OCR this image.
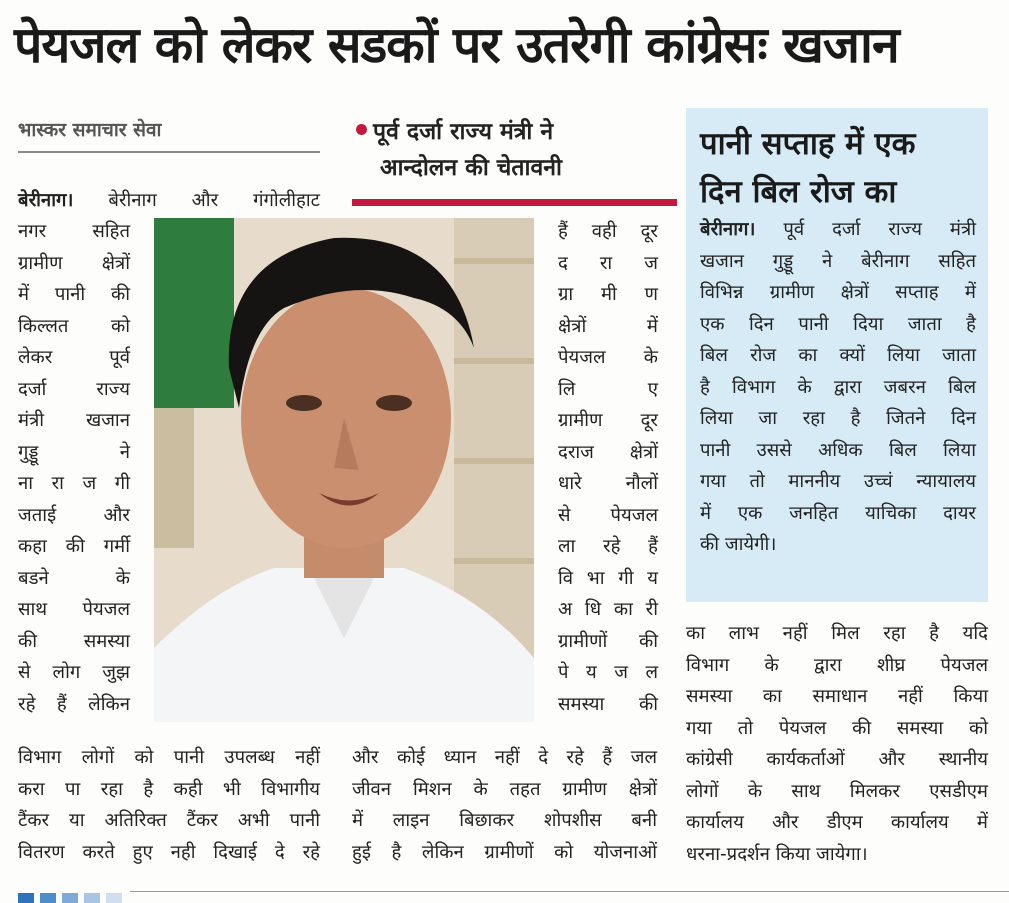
पेयजल को लेकर सडकों पर उतरेगी कांग्रेसः खजान
भास्कर समाचार सेवा	पूर्व दर्जा राज्य मंत्री ने
आन्दोलन की चेतावनी
बेरीनाग। बेरीनाग और गंगोलीहाट
नगर सहित
ग्रामीण क्षेत्रों
में पानी की
किल्लत को
लेकर पूर्व
दर्जा राज्य
मंत्री खजान
गुड्डू ने
ना रा ज गी
जताई और
कहा की गर्मी
बडने के
साथ पेयजल
की समस्या
से लोग जुझ
रहे हैं लेकिन
हैं वही दूर
द रा ज
ग्रा मी ण
क्षेत्रों में
पेयजल के
लि ए
ग्रामीण दूर
दराज क्षेत्रों
धारे नौलों
से पेयजल
ला रहे हैं
वि भा गी य
अ धि का री
ग्रामीणों की
पे य ज ल
समस्या की
विभाग लोगों को पानी उपलब्ध नहीं
करा पा रहा है कही भी विभागीय
टैंकर या अतिरिक्त टैंकर अभी पानी
वितरण करते हुए नही दिखाई दे रहे
और कोई ध्यान नहीं दे रहे हैं जल
जीवन मिशन के तहत ग्रामीण क्षेत्रों
में लाइन बिछाकर शोपशीस बनी
हुई है लेकिन ग्रामीणों को योजनाओं
पानी सप्ताह में एक
दिन बिल रोज का
बेरीनाग। पूर्व दर्जा राज्य मंत्री
खजान गुड्डू ने बेरीनाग सहित
विभिन्न ग्रामीण क्षेत्रों सप्ताह में
एक दिन पानी दिया जाता है
बिल रोज का क्यों लिया जाता
है विभाग के द्वारा जबरन बिल
लिया जा रहा है जितने दिन
पानी उससे अधिक बिल लिया
गया तो माननीय उच्चं न्यायालय
में एक जनहित याचिका दायर
की जायेगी।
का लाभ नहीं मिल रहा है यदि
विभाग के द्वारा शीघ्र पेयजल
समस्या का समाधान नहीं किया
गया तो पेयजल की समस्या को
कांग्रेसी कार्यकर्ताओं और स्थानीय
लोगों के साथ मिलकर एसडीएम
कार्यालय और डीएम कार्यालय में
धरना-प्रदर्शन किया जायेगा।
